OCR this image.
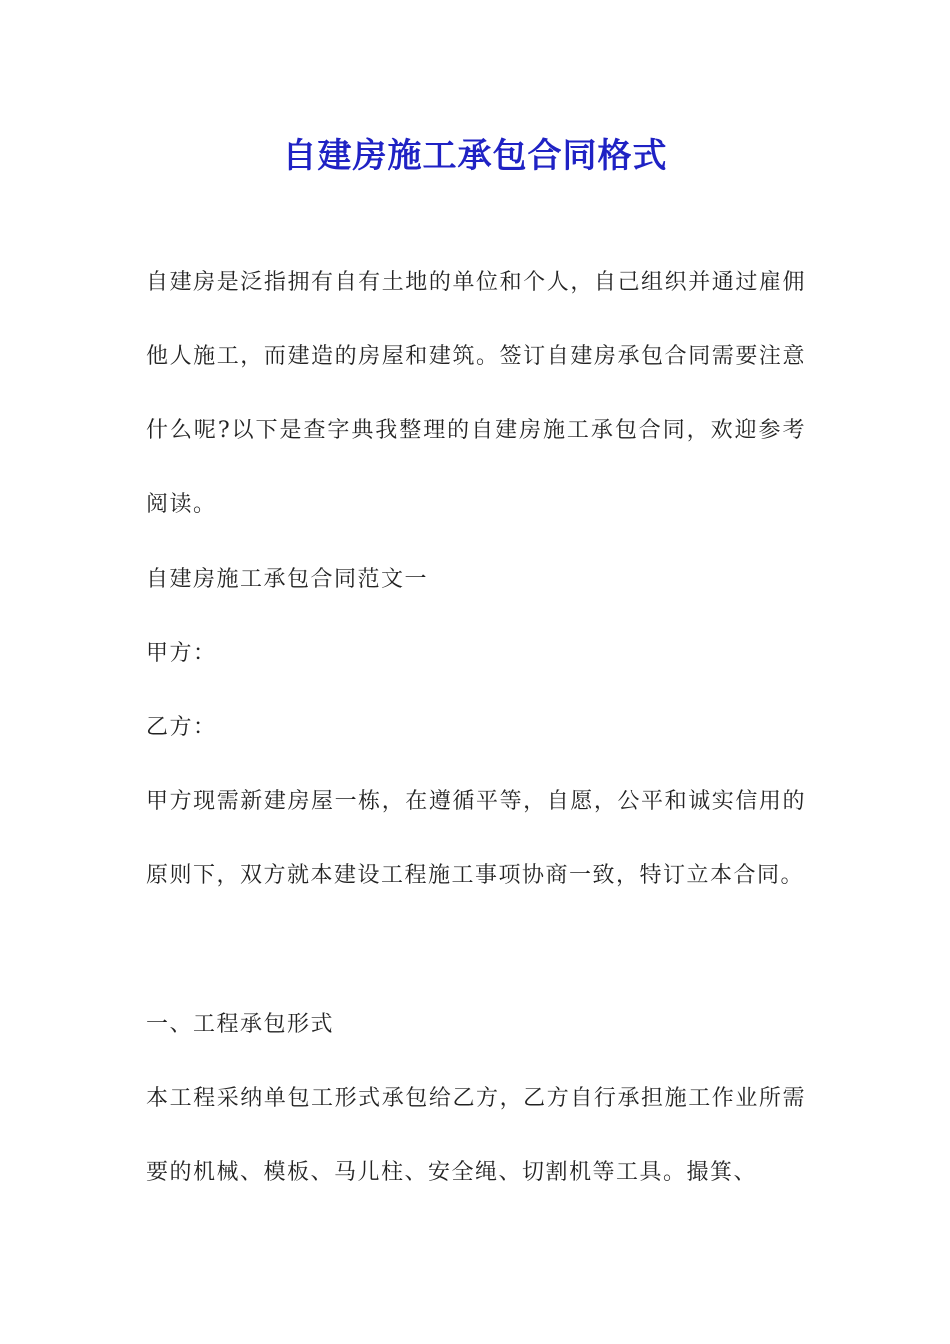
自建房施工承包合同格式

自建房是泛指拥有自有土地的单位和个人，自己组织并通过雇佣他人施工，而建造的房屋和建筑。签订自建房承包合同需要注意什么呢?以下是查字典我整理的自建房施工承包合同，欢迎参考阅读。

自建房施工承包合同范文一

甲方：

乙方：

甲方现需新建房屋一栋，在遵循平等，自愿，公平和诚实信用的原则下，双方就本建设工程施工事项协商一致，特订立本合同。

一、工程承包形式

本工程采纳单包工形式承包给乙方，乙方自行承担施工作业所需要的机械、模板、马儿柱、安全绳、切割机等工具。撮箕、
